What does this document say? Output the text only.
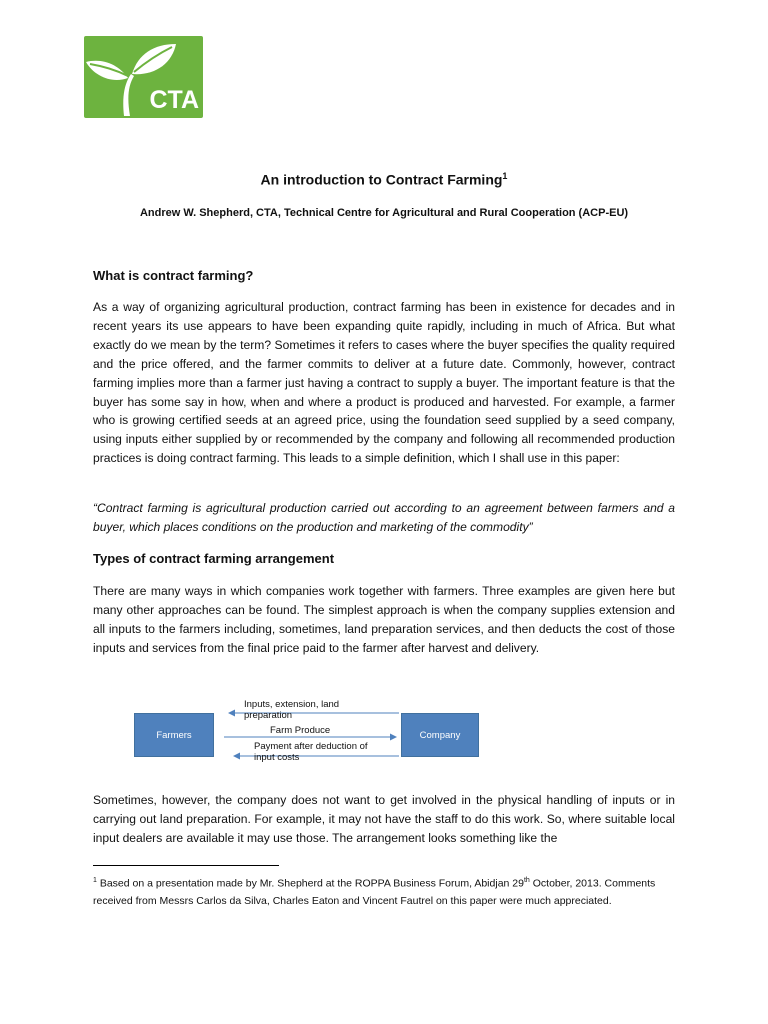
CTA
An introduction to Contract Farming$^1$
Andrew W. Shepherd, CTA, Technical Centre for Agricultural and Rural Cooperation (ACP-EU)
What is contract farming?

As a way of organizing agricultural production, contract farming has been in existence for decades and in recent years its use appears to have been expanding quite rapidly, including in much of Africa. But what exactly do we mean by the term? Sometimes it refers to cases where the buyer specifies the quality required and the price offered, and the farmer commits to deliver at a future date. Commonly, however, contract farming implies more than a farmer just having a contract to supply a buyer. The important feature is that the buyer has some say in how, when and where a product is produced and harvested. For example, a farmer who is growing certified seeds at an agreed price, using the foundation seed supplied by a seed company, using inputs either supplied by or recommended by the company and following all recommended production practices is doing contract farming. This leads to a simple definition, which I shall use in this paper:

“Contract farming is agricultural production carried out according to an agreement between farmers and a buyer, which places conditions on the production and marketing of the commodity”

Types of contract farming arrangement

There are many ways in which companies work together with farmers. Three examples are given here but many other approaches can be found. The simplest approach is when the company supplies extension and all inputs to the farmers including, sometimes, land preparation services, and then deducts the cost of those inputs and services from the final price paid to the farmer after harvest and delivery.

Farmers	Company
Inputs, extension, land preparation
Farm Produce
Payment after deduction of input costs

Sometimes, however, the company does not want to get involved in the physical handling of inputs or in carrying out land preparation. For example, it may not have the staff to do this work. So, where suitable local input dealers are available it may use those. The arrangement looks something like the

$^1$ Based on a presentation made by Mr. Shepherd at the ROPPA Business Forum, Abidjan 29th October, 2013. Comments received from Messrs Carlos da Silva, Charles Eaton and Vincent Fautrel on this paper were much appreciated.
